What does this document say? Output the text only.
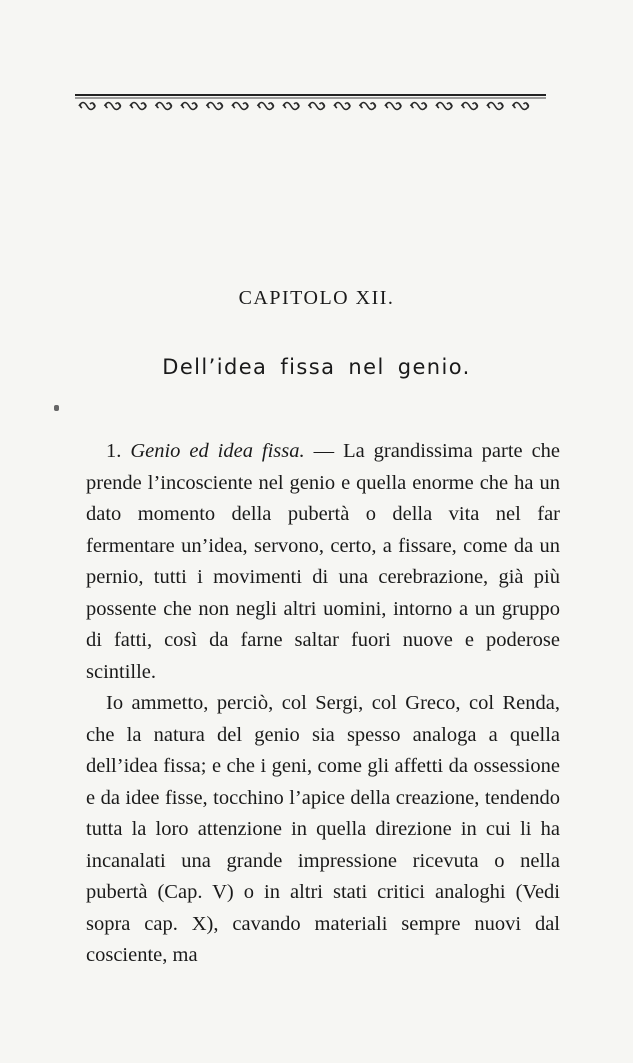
CAPITOLO XII.
Dell’idea fissa nel genio.

1. Genio ed idea fissa. — La grandissima parte che prende l’incosciente nel genio e quella enorme che ha un dato momento della pubertà o della vita nel far fermentare un’idea, servono, certo, a fissare, come da un pernio, tutti i movimenti di una cerebrazione, già più possente che non negli altri uomini, intorno a un gruppo di fatti, così da farne saltar fuori nuove e poderose scintille.

Io ammetto, perciò, col Sergi, col Greco, col Renda, che la natura del genio sia spesso analoga a quella dell’idea fissa; e che i geni, come gli affetti da ossessione e da idee fisse, tocchino l’apice della creazione, tendendo tutta la loro attenzione in quella direzione in cui li ha incanalati una grande impressione ricevuta o nella pubertà (Cap. V) o in altri stati critici analoghi (Vedi sopra cap. X), cavando materiali sempre nuovi dal cosciente, ma
